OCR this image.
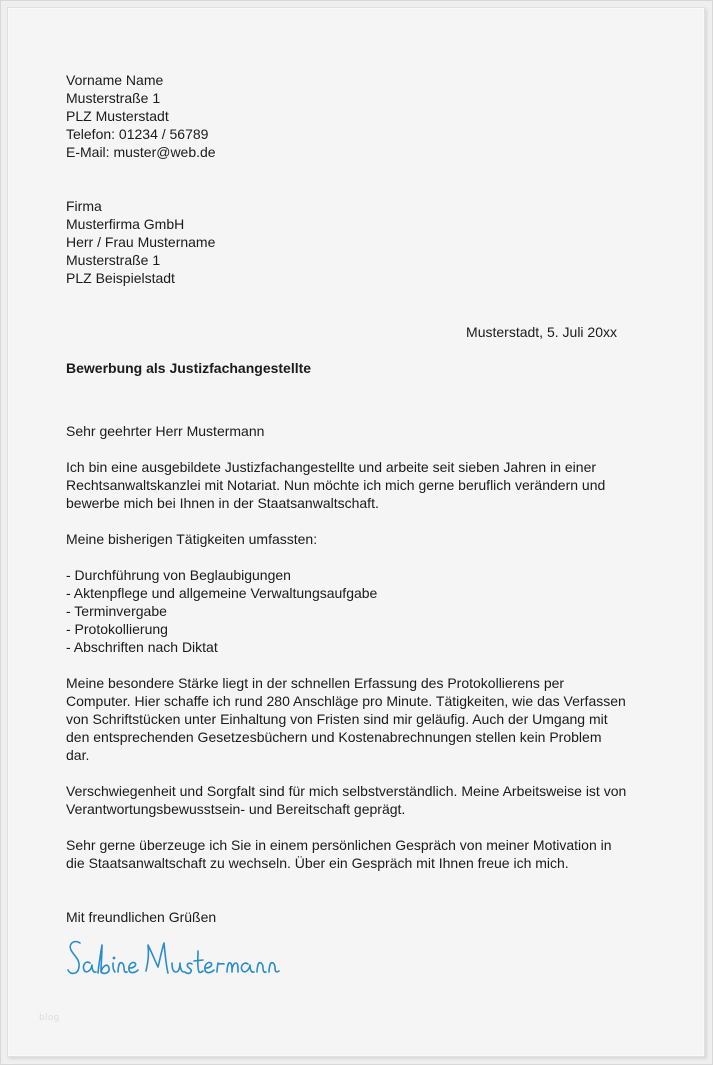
Vorname Name
Musterstraße 1
PLZ Musterstadt
Telefon: 01234 / 56789
E-Mail: muster@web.de
Firma
Musterfirma GmbH
Herr / Frau Mustername
Musterstraße 1
PLZ Beispielstadt
Musterstadt, 5. Juli 20xx
Bewerbung als Justizfachangestellte
Sehr geehrter Herr Mustermann
Ich bin eine ausgebildete Justizfachangestellte und arbeite seit sieben Jahren in einer
Rechtsanwaltskanzlei mit Notariat. Nun möchte ich mich gerne beruflich verändern und
bewerbe mich bei Ihnen in der Staatsanwaltschaft.
Meine bisherigen Tätigkeiten umfassten:
- Durchführung von Beglaubigungen
- Aktenpflege und allgemeine Verwaltungsaufgabe
- Terminvergabe
- Protokollierung
- Abschriften nach Diktat
Meine besondere Stärke liegt in der schnellen Erfassung des Protokollierens per
Computer. Hier schaffe ich rund 280 Anschläge pro Minute. Tätigkeiten, wie das Verfassen
von Schriftstücken unter Einhaltung von Fristen sind mir geläufig. Auch der Umgang mit
den entsprechenden Gesetzesbüchern und Kostenabrechnungen stellen kein Problem
dar.
Verschwiegenheit und Sorgfalt sind für mich selbstverständlich. Meine Arbeitsweise ist von
Verantwortungsbewusstsein- und Bereitschaft geprägt.
Sehr gerne überzeuge ich Sie in einem persönlichen Gespräch von meiner Motivation in
die Staatsanwaltschaft zu wechseln. Über ein Gespräch mit Ihnen freue ich mich.
Mit freundlichen Grüßen
blog
